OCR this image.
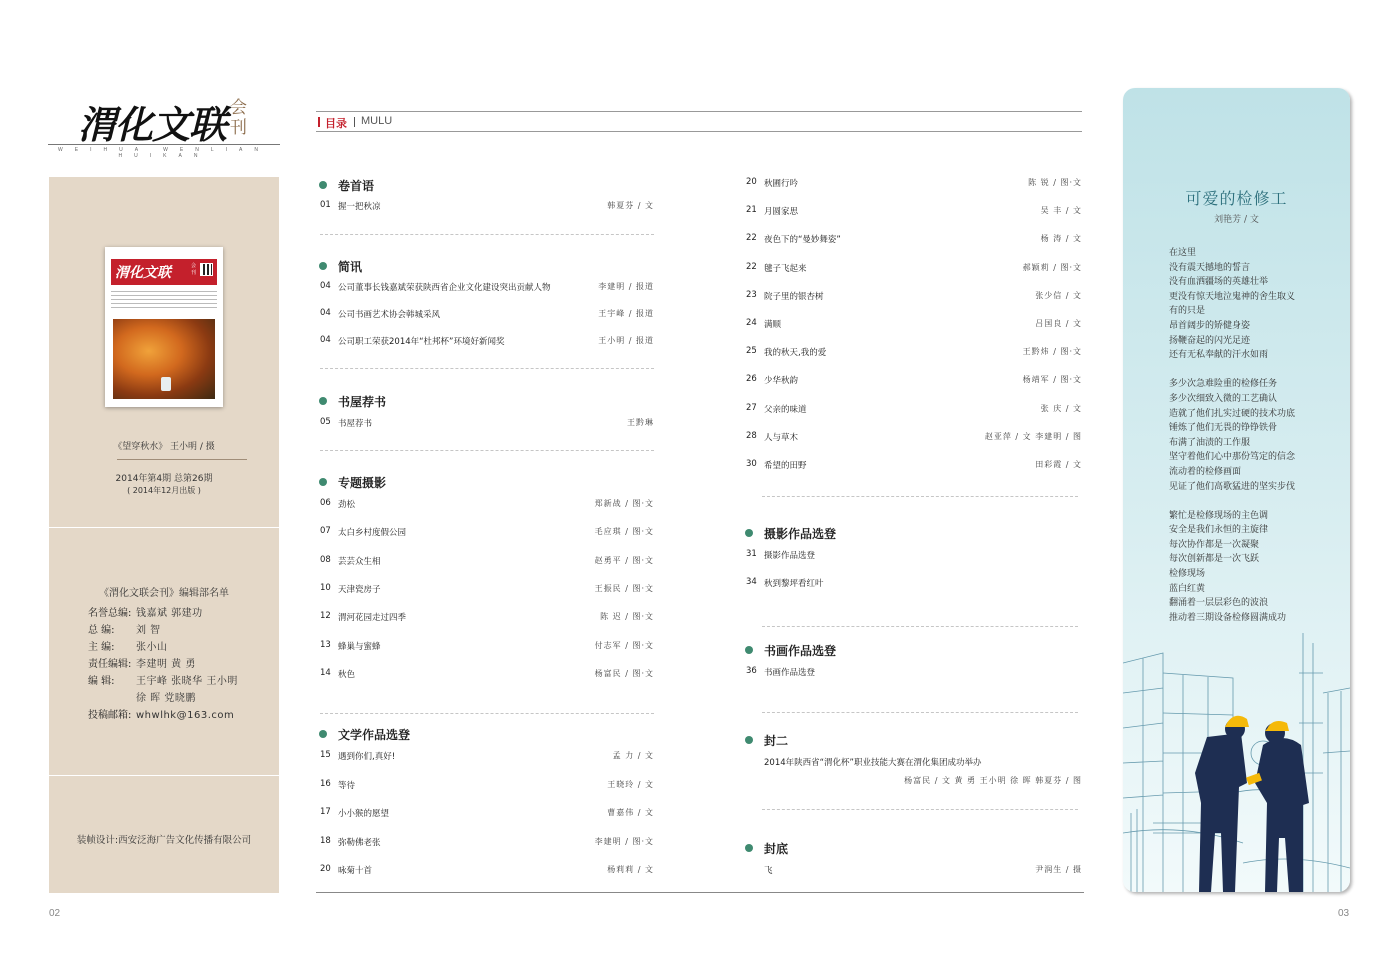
渭化文联 会刊
WEIHUA WENLIAN HUIKAN
渭化文联	会刊
《望穿秋水》 王小明 / 摄
2014年第4期 总第26期
( 2014年12月出版 )
《渭化文联会刊》编辑部名单
名誉总编: 钱嘉斌 郭建功
总 编:	刘 智
主 编:	张小山
责任编辑: 李建明 黄 勇
编 辑:	王宇峰 张晓华 王小明
徐 晖 党晓鹏
投稿邮箱: whwlhk@163.com
装帧设计:西安泛海广告文化传播有限公司
02
目录 MULU
卷首语
01 握一把秋凉	韩夏芬 / 文
简讯
04 公司董事长钱嘉斌荣获陕西省企业文化建设突出贡献人物	李建明 / 报道
04 公司书画艺术协会韩城采风	王宇峰 / 报道
04 公司职工荣获2014年“杜邦杯”环境好新闻奖	王小明 / 报道
书屋荐书
05 书屋荐书	王黔琳
专题摄影
06 劲松	郑新战 / 图·文
07 太白乡村度假公园	毛应琪 / 图·文
08 芸芸众生相	赵勇平 / 图·文
10 天津瓷房子	王振民 / 图·文
12 渭河花园走过四季	陈 迟 / 图·文
13 蜂巢与蜜蜂	付志军 / 图·文
14 秋色	杨富民 / 图·文
文学作品选登
15 遇到你们,真好!	孟 力 / 文
16 等待	王晓玲 / 文
17 小小猴的愿望	曹嘉伟 / 文
18 弥勒佛老张	李建明 / 图·文
20 咏菊十首	杨莉莉 / 文
20 秋圃行吟	陈 锐 / 图·文
21 月圆家思	吴 丰 / 文
22 夜色下的“曼妙舞姿”	杨 涛 / 文
22 毽子飞起来	郝颖莉 / 图·文
23 院子里的银杏树	张少信 / 文
24 满顺	吕国良 / 文
25 我的秋天,我的爱	王黔炜 / 图·文
26 少华秋韵	杨靖军 / 图·文
27 父亲的味道	张 庆 / 文
28 人与草木	赵亚萍 / 文 李建明 / 图
30 希望的田野	田彩霞 / 文
摄影作品选登
31 摄影作品选登
34 秋到黎坪看红叶
书画作品选登
36 书画作品选登
封二
2014年陕西省“渭化杯”职业技能大赛在渭化集团成功举办
杨富民 / 文 黄 勇 王小明 徐 晖 韩夏芬 / 图
封底
飞	尹润生 / 摄
可爱的检修工
刘艳芳 / 文
在这里
没有震天撼地的誓言
没有血洒疆场的英雄壮举
更没有惊天地泣鬼神的舍生取义
有的只是
昂首阔步的矫健身姿
扬鞭奋起的闪光足迹
还有无私奉献的汗水如雨
多少次急难险重的检修任务
多少次细致入微的工艺确认
造就了他们扎实过硬的技术功底
锤炼了他们无畏的铮铮铁骨
布满了油渍的工作服
坚守着他们心中那份笃定的信念
流动着的检修画面
见证了他们高歌猛进的坚实步伐
繁忙是检修现场的主色调
安全是我们永恒的主旋律
每次协作都是一次凝聚
每次创新都是一次飞跃
检修现场
蓝白红黄
翻涌着一层层彩色的波浪
推动着三期设备检修圆满成功
03
